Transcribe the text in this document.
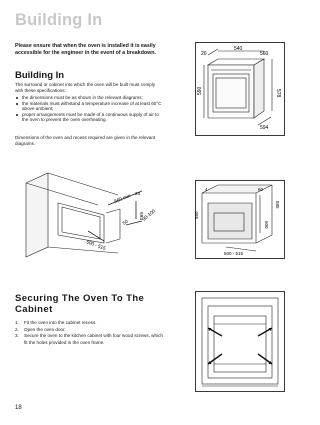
Building In
Please ensure that when the oven is installed it is easily accessible for the engineer in the event of a breakdown.
Building In
The surround or cabinet into which the oven will be built must comply with these specifications:
the dimensions must be as shown in the relevant diagrams;
the materials must withstand a temperature increase of at least 60°C above ambient;
proper arrangements must be made of a continuous supply of air to the oven to prevent the oven overheating.
Dimensions of the oven and recess required are given in the relevant diagrams.
20
540
560
590	578
594
560 min 20
593
50
90-100
500 - 515
4	60
585
600
560
500 - 515
Securing The Oven To The Cabinet
1.	Fit the oven into the cabinet recess.
2.	Open the oven door.
3.	Secure the oven to the kitchen cabinet with four wood screws, which fit the holes provided in the oven frame.
18
